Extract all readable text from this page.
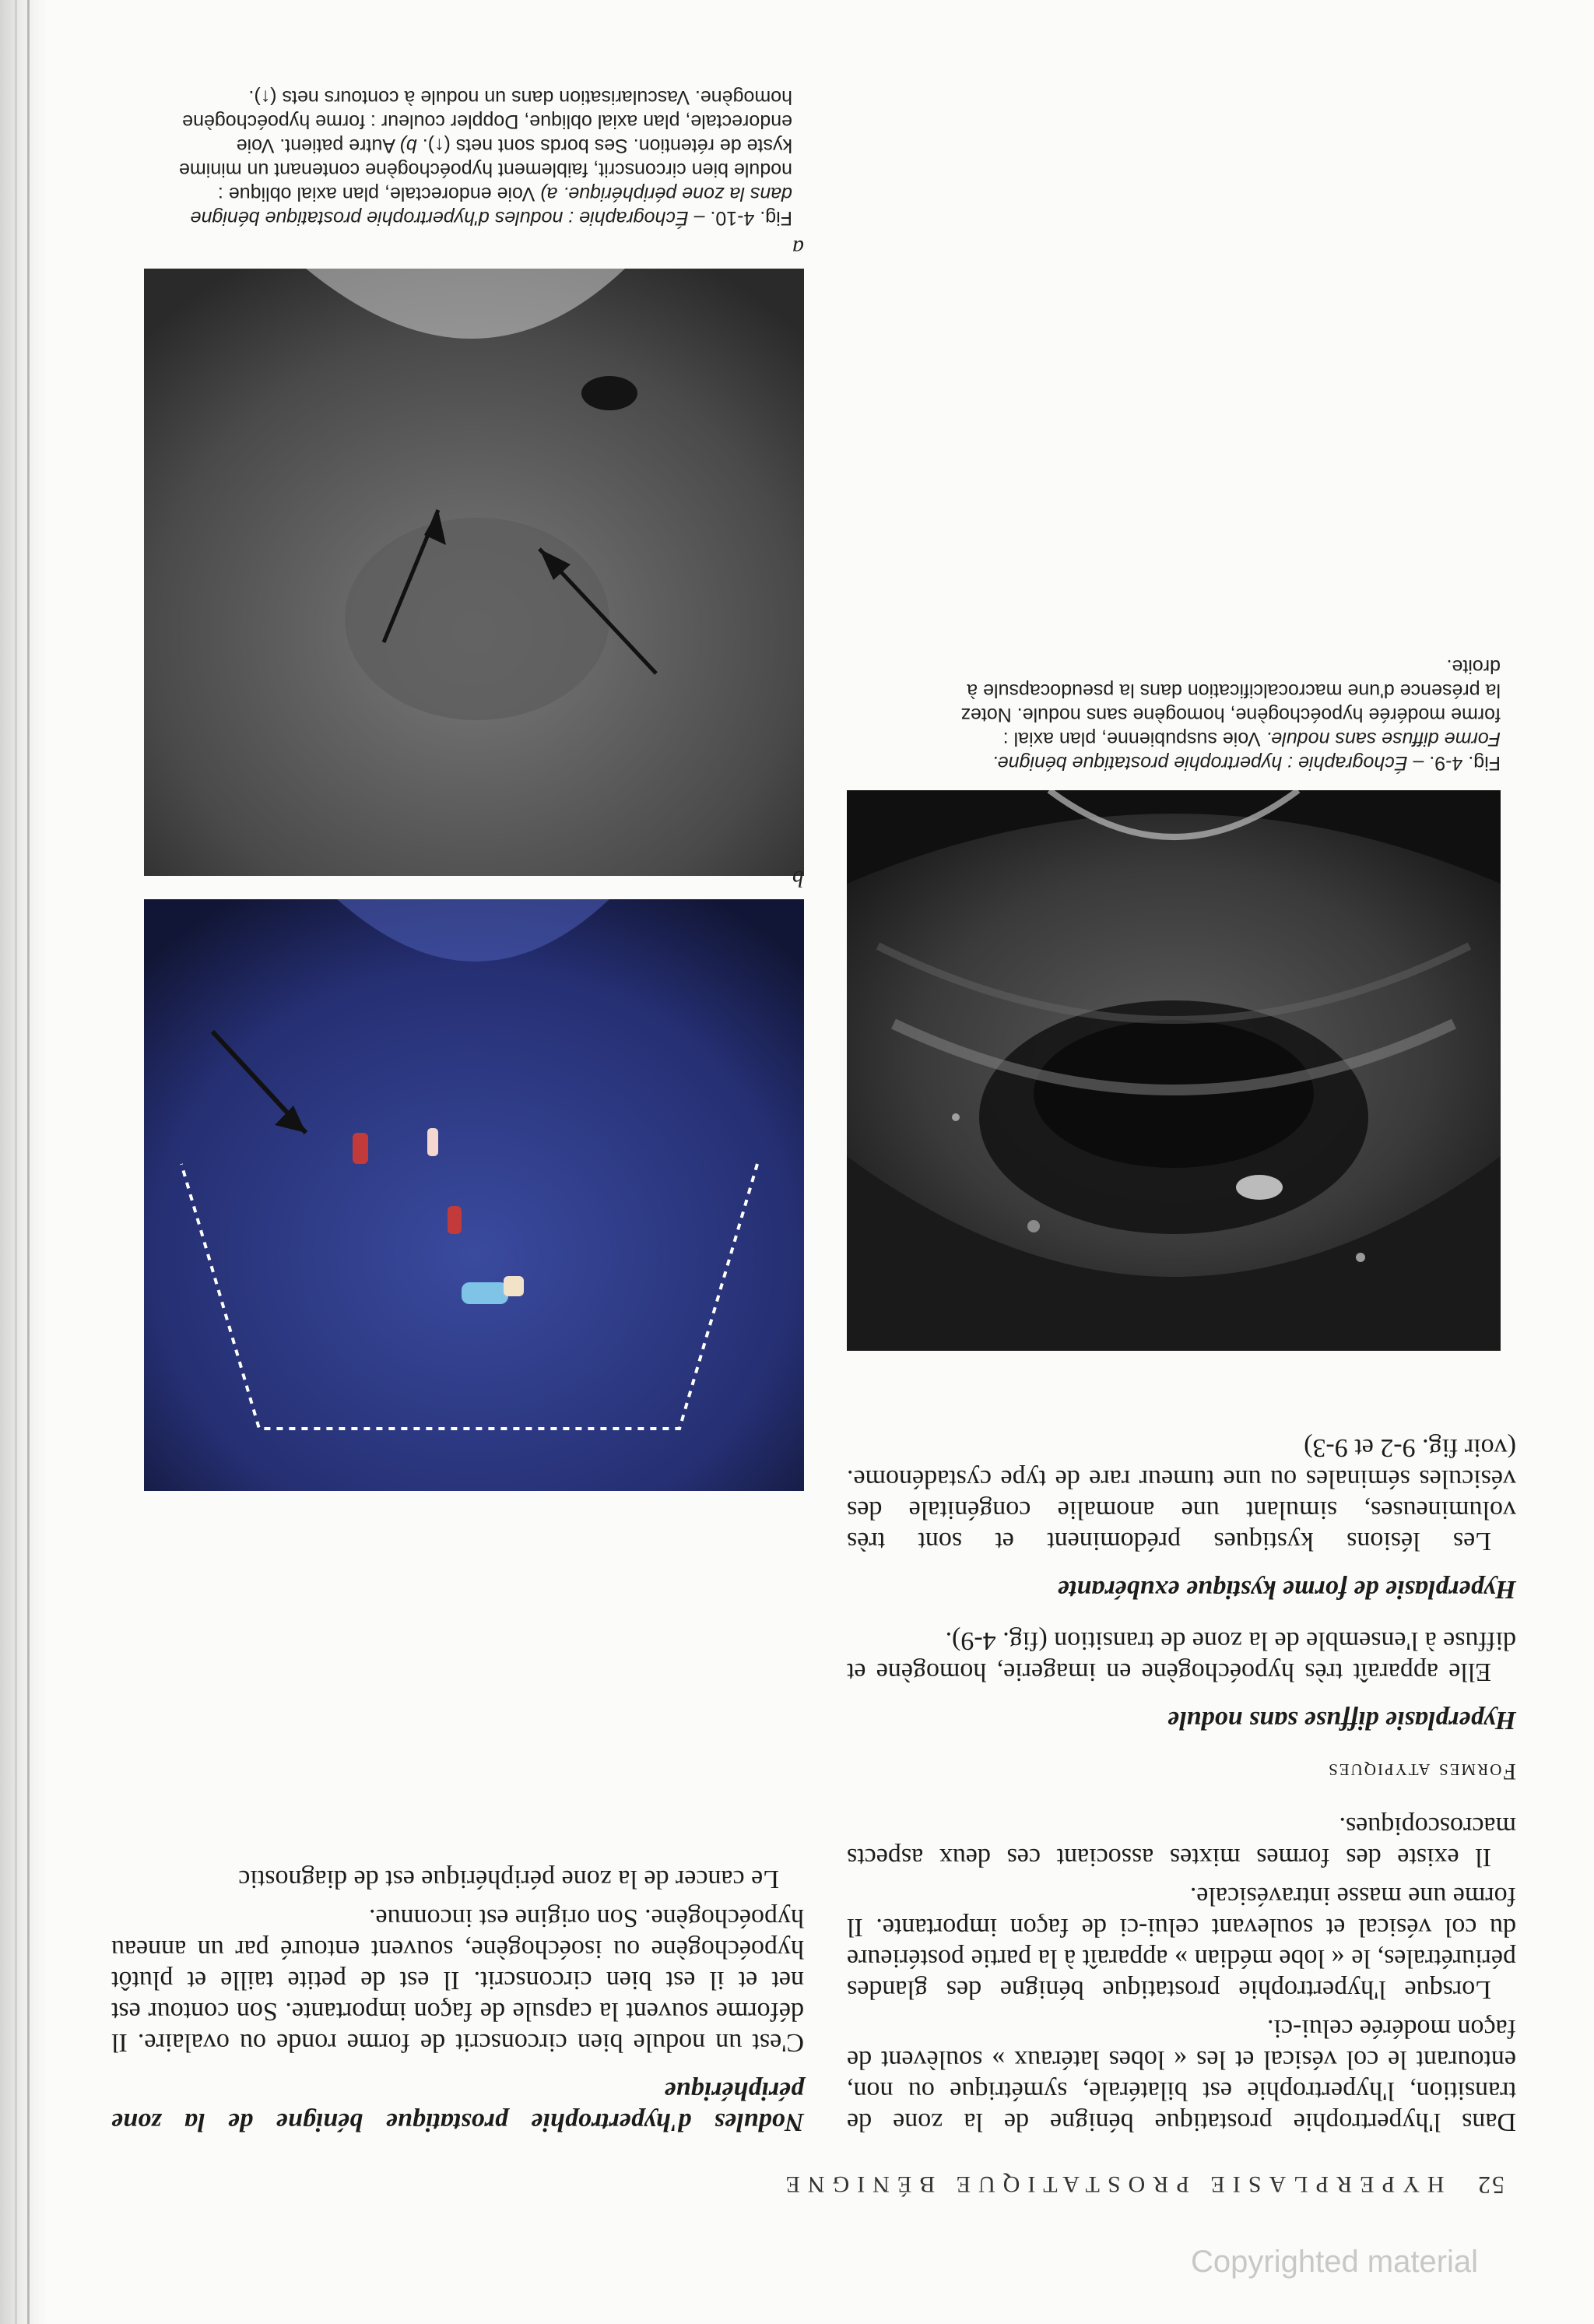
52 HYPERPLASIE PROSTATIQUE BÉNIGNE

Dans l'hypertrophie prostatique bénigne de la zone de transition, l'hypertrophie est bilatérale, symétrique ou non, entourant le col vésical et les « lobes latéraux » soulèvent de façon modérée celui-ci.

Lorsque l'hypertrophie prostatique bénigne des glandes périurétrales, le « lobe médian » apparaît à la partie postérieure du col vésical et soulevant celui-ci de façon importante. Il forme une masse intravésicale.

Il existe des formes mixtes associant ces deux aspects macroscopiques.

Formes atypiques
Hyperplasie diffuse sans nodule

Elle apparaît très hypoéchogène en imagerie, homogène et diffuse à l'ensemble de la zone de transition (fig. 4-9).

Hyperplasie de forme kystique exubérante

Les lésions kystiques prédominent et sont très volumineuses, simulant une anomalie congénitale des vésicules séminales ou une tumeur rare de type cystadénome. (voir fig. 9-2 et 9-3)

Nodules d'hypertrophie prostatique bénigne de la zone périphérique

C'est un nodule bien circonscrit de forme ronde ou ovalaire. Il déforme souvent la capsule de façon importante. Son contour est net et il est bien circonscrit. Il est de petite taille et plutôt hypoéchogène ou isoéchogène, souvent entouré par un anneau hypoéchogène. Son origine est inconnue.

Le cancer de la zone périphérique est de diagnostic

a
b
Fig. 4-9. – Échographie : hypertrophie prostatique bénigne. Forme diffuse sans nodule. Voie suspubienne, plan axial : forme modérée hypoéchogène, homogène sans nodule. Notez la présence d'une macrocalcification dans la pseudocapsule à droite.
Fig. 4-10. – Échographie : nodules d'hypertrophie prostatique bénigne dans la zone périphérique. a) Voie endorectale, plan axial oblique : nodule bien circonscrit, faiblement hypoéchogène contenant un minime kyste de rétention. Ses bords sont nets (↑). b) Autre patient. Voie endorectale, plan axial oblique, Doppler couleur : forme hypoéchogène homogène. Vascularisation dans un nodule à contours nets (↑).
Copyrighted material
